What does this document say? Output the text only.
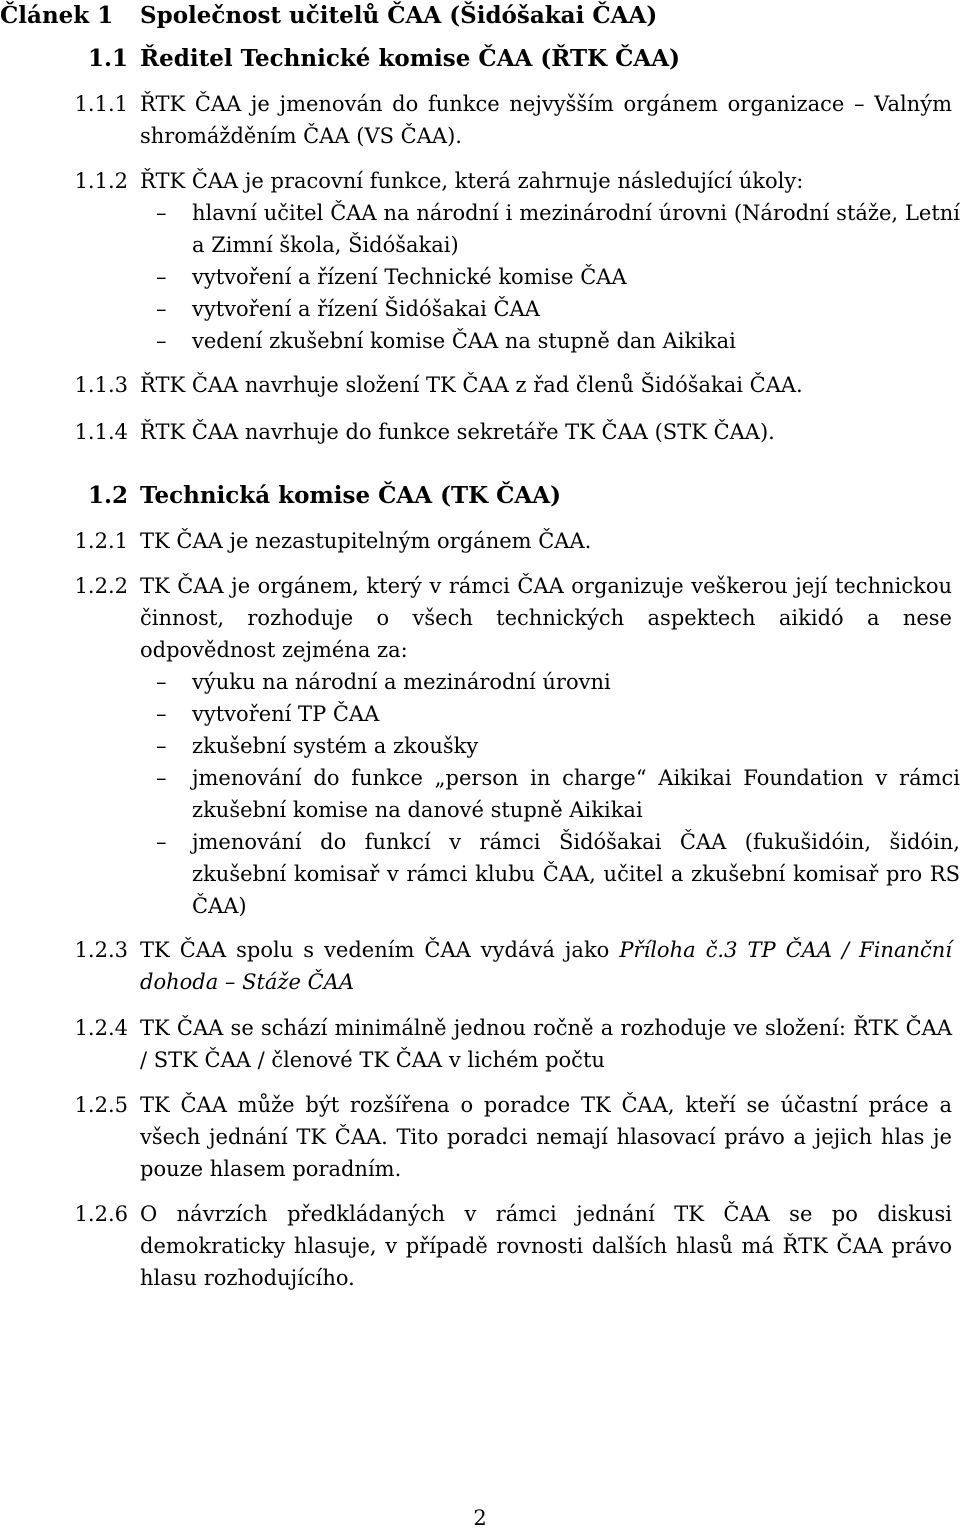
Článek 1 Společnost učitelů ČAA (Šidóšakai ČAA)
1.1 Ředitel Technické komise ČAA (ŘTK ČAA)
1.1.1 ŘTK ČAA je jmenován do funkce nejvyšším orgánem organizace – Valným shromážděním ČAA (VS ČAA).
1.1.2 ŘTK ČAA je pracovní funkce, která zahrnuje následující úkoly:
– hlavní učitel ČAA na národní i mezinárodní úrovni (Národní stáže, Letní a Zimní škola, Šidóšakai)
– vytvoření a řízení Technické komise ČAA
– vytvoření a řízení Šidóšakai ČAA
– vedení zkušební komise ČAA na stupně dan Aikikai
1.1.3 ŘTK ČAA navrhuje složení TK ČAA z řad členů Šidóšakai ČAA.
1.1.4 ŘTK ČAA navrhuje do funkce sekretáře TK ČAA (STK ČAA).
1.2 Technická komise ČAA (TK ČAA)
1.2.1 TK ČAA je nezastupitelným orgánem ČAA.
1.2.2 TK ČAA je orgánem, který v rámci ČAA organizuje veškerou její technickou činnost, rozhoduje o všech technických aspektech aikidó a nese odpovědnost zejména za:
– výuku na národní a mezinárodní úrovni
– vytvoření TP ČAA
– zkušební systém a zkoušky
– jmenování do funkce „person in charge“ Aikikai Foundation v rámci zkušební komise na danové stupně Aikikai
– jmenování do funkcí v rámci Šidóšakai ČAA (fukušidóin, šidóin, zkušební komisař v rámci klubu ČAA, učitel a zkušební komisař pro RS ČAA)
1.2.3 TK ČAA spolu s vedením ČAA vydává jako Příloha č.3 TP ČAA / Finanční dohoda – Stáže ČAA
1.2.4 TK ČAA se schází minimálně jednou ročně a rozhoduje ve složení: ŘTK ČAA / STK ČAA / členové TK ČAA v lichém počtu
1.2.5 TK ČAA může být rozšířena o poradce TK ČAA, kteří se účastní práce a všech jednání TK ČAA. Tito poradci nemají hlasovací právo a jejich hlas je pouze hlasem poradním.
1.2.6 O návrzích předkládaných v rámci jednání TK ČAA se po diskusi demokraticky hlasuje, v případě rovnosti dalších hlasů má ŘTK ČAA právo hlasu rozhodujícího.
2
